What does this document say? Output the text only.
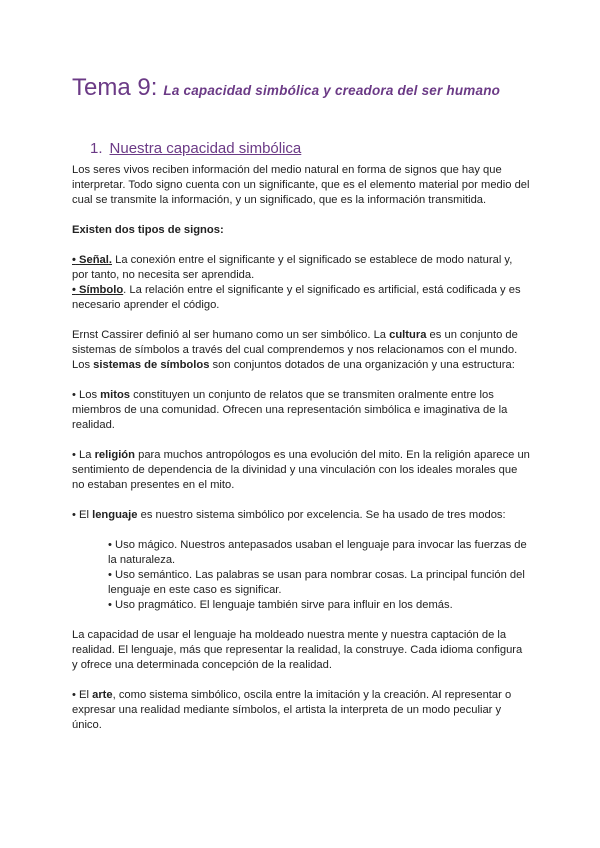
Tema 9: La capacidad simbólica y creadora del ser humano
1. Nuestra capacidad simbólica

Los seres vivos reciben información del medio natural en forma de signos que hay que interpretar. Todo signo cuenta con un significante, que es el elemento material por medio del cual se transmite la información, y un significado, que es la información transmitida.

Existen dos tipos de signos:

• Señal. La conexión entre el significante y el significado se establece de modo natural y, por tanto, no necesita ser aprendida.

• Símbolo. La relación entre el significante y el significado es artificial, está codificada y es necesario aprender el código.

Ernst Cassirer definió al ser humano como un ser simbólico. La cultura es un conjunto de sistemas de símbolos a través del cual comprendemos y nos relacionamos con el mundo. Los sistemas de símbolos son conjuntos dotados de una organización y una estructura:

• Los mitos constituyen un conjunto de relatos que se transmiten oralmente entre los miembros de una comunidad. Ofrecen una representación simbólica e imaginativa de la realidad.

• La religión para muchos antropólogos es una evolución del mito. En la religión aparece un sentimiento de dependencia de la divinidad y una vinculación con los ideales morales que no estaban presentes en el mito.

• El lenguaje es nuestro sistema simbólico por excelencia. Se ha usado de tres modos:

• Uso mágico. Nuestros antepasados usaban el lenguaje para invocar las fuerzas de la naturaleza.

• Uso semántico. Las palabras se usan para nombrar cosas. La principal función del lenguaje en este caso es significar.

• Uso pragmático. El lenguaje también sirve para influir en los demás.

La capacidad de usar el lenguaje ha moldeado nuestra mente y nuestra captación de la realidad. El lenguaje, más que representar la realidad, la construye. Cada idioma configura y ofrece una determinada concepción de la realidad.

• El arte, como sistema simbólico, oscila entre la imitación y la creación. Al representar o expresar una realidad mediante símbolos, el artista la interpreta de un modo peculiar y único.
